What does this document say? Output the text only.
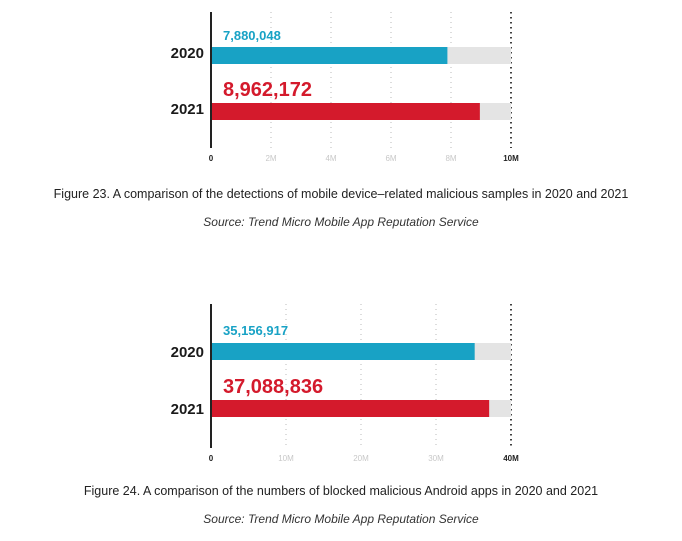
2020
7,880,048
2021
8,962,172
0	2M	4M	6M	8M	10M
Figure 23. A comparison of the detections of mobile device–related malicious samples in 2020 and 2021
Source: Trend Micro Mobile App Reputation Service
2020
35,156,917
2021
37,088,836
0	10M	20M	30M	40M
Figure 24. A comparison of the numbers of blocked malicious Android apps in 2020 and 2021
Source: Trend Micro Mobile App Reputation Service
